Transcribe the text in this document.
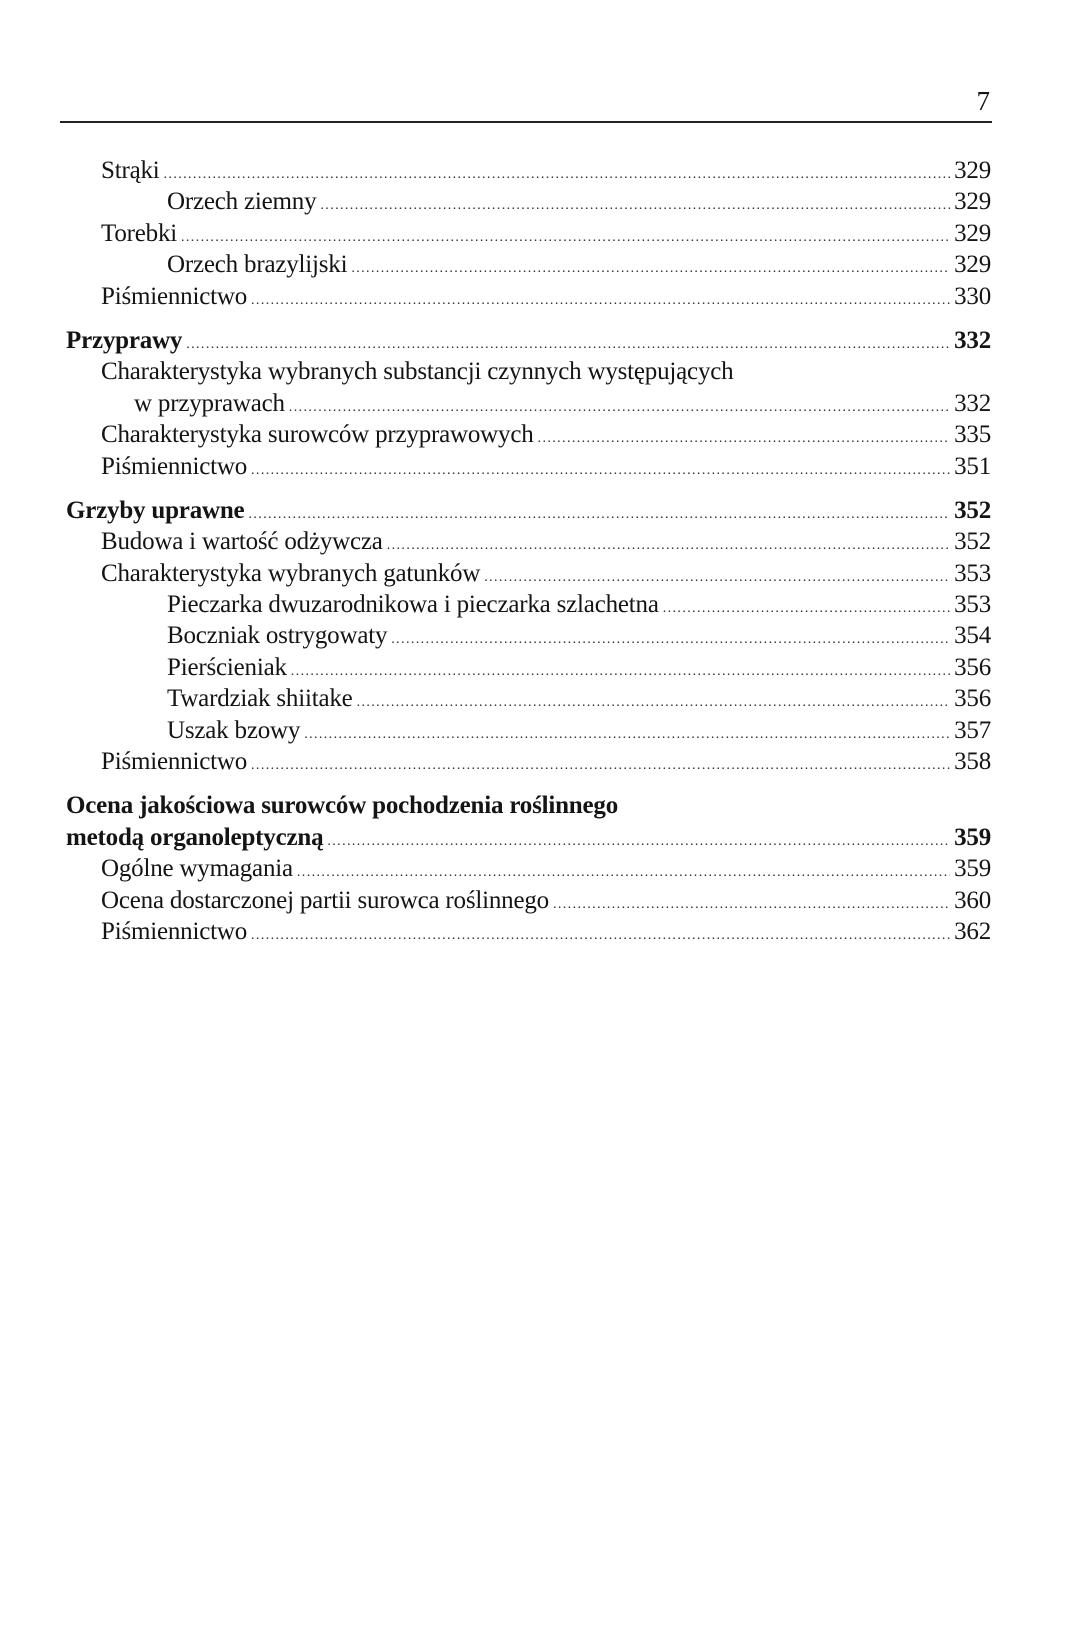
7
Strąki .....	329
Orzech ziemny .....	329
Torebki .....	329
Orzech brazylijski .....	329
Piśmiennictwo .....	330
Przyprawy .....	332
Charakterystyka wybranych substancji czynnych występujących
w przyprawach .....	332
Charakterystyka surowców przyprawowych .....	335
Piśmiennictwo .....	351
Grzyby uprawne .....	352
Budowa i wartość odżywcza .....	352
Charakterystyka wybranych gatunków .....	353
Pieczarka dwuzarodnikowa i pieczarka szlachetna .....	353
Boczniak ostrygowaty .....	354
Pierścieniak .....	356
Twardziak shiitake .....	356
Uszak bzowy .....	357
Piśmiennictwo .....	358
Ocena jakościowa surowców pochodzenia roślinnego
metodą organoleptyczną .....	359
Ogólne wymagania .....	359
Ocena dostarczonej partii surowca roślinnego .....	360
Piśmiennictwo .....	362
